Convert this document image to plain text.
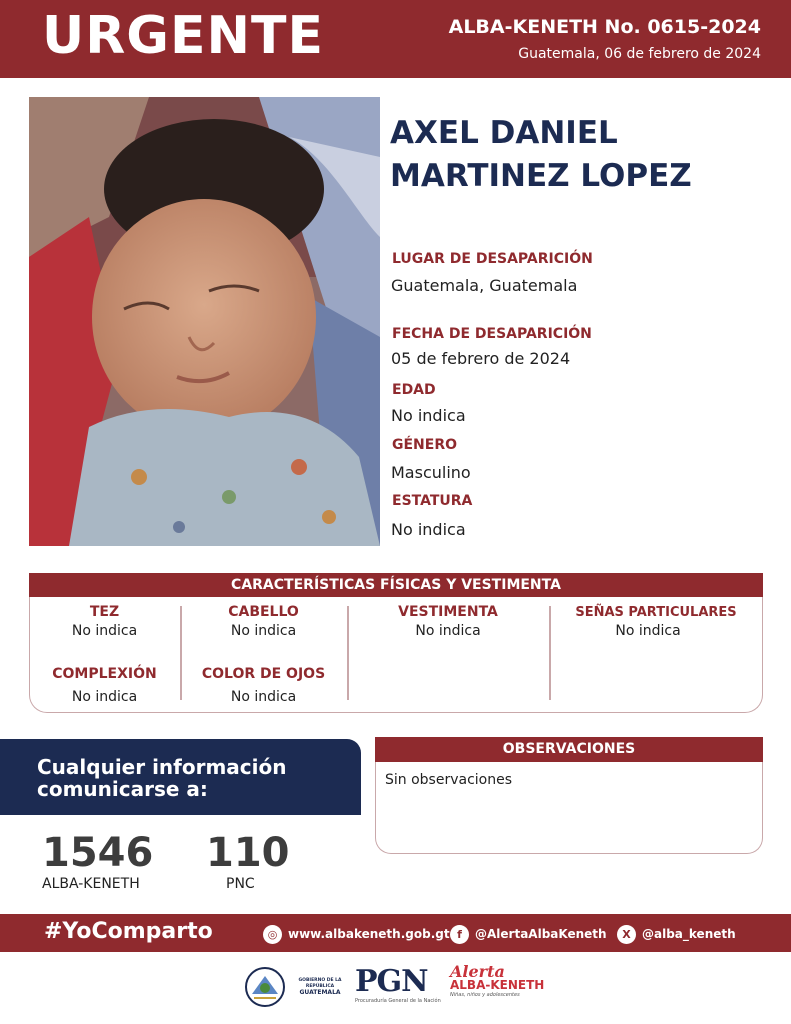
URGENTE	ALBA-KENETH No. 0615-2024
Guatemala, 06 de febrero de 2024
AXEL DANIEL
MARTINEZ LOPEZ
LUGAR DE DESAPARICIÓN
Guatemala, Guatemala
FECHA DE DESAPARICIÓN
05 de febrero de 2024
EDAD
No indica
GÉNERO
Masculino
ESTATURA
No indica
CARACTERÍSTICAS FÍSICAS Y VESTIMENTA
TEZ
No indica
CABELLO
No indica
VESTIMENTA
No indica
SEÑAS PARTICULARES
No indica
COMPLEXIÓN
No indica
COLOR DE OJOS
No indica
Cualquier información
comunicarse a:
1546
ALBA-KENETH
110
PNC
OBSERVACIONES
Sin observaciones
#YoComparto	◎ www.albakeneth.gob.gt f	@AlertaAlbaKeneth	X @alba_keneth
GOBIERNO DE LA REPÚBLICA
GUATEMALA PGN
Procuraduría General de la Nación
Alerta
ALBA-KENETH
Niñas, niños y adolescentes
